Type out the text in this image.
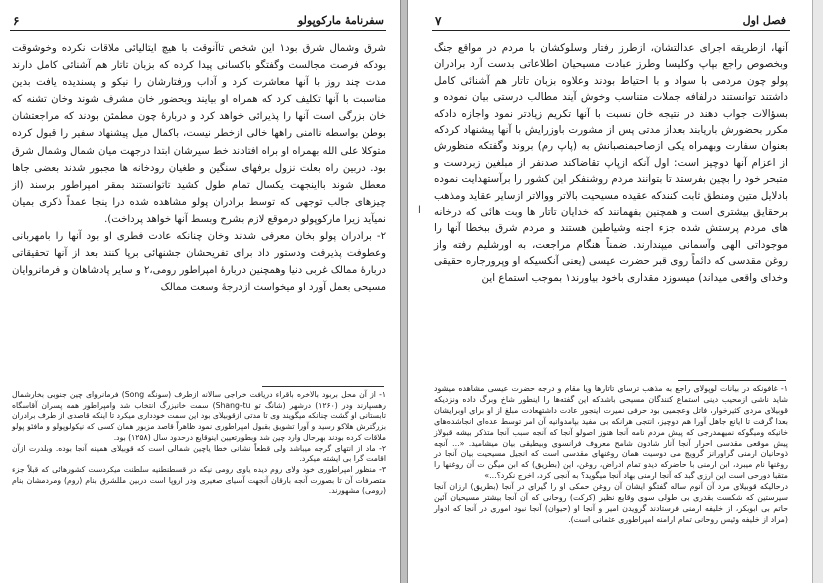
۶	سفرنامهٔ مارکوپولو

شرق وشمال شرق بود۱ این شخص تاآنوقت با هیچ ایتالیائی ملاقات نکرده وخوشوقت بودکه فرصت مجالست وگفتگو باکسانی پیدا کرده که بزبان تاتار هم آشنائی کامل دارند مدت چند روز با آنها معاشرت کرد و آداب ورفتارشان را نیکو و پسندیده یافت بدین مناسبت با آنها تکلیف کرد که همراه او بیایند وبحضور خان مشرف شوند وخان تشنه که خان بزرگی است آنها را پذیرائی خواهد کرد و دربارهٔ چون مطمئن بودند که مراجعتشان بوطن بواسطه ناامنی راهها خالی ازخطر نیست، باکمال میل پیشنهاد سفیر را قبول کرده متوکلا علی الله بهمراه او براه افتادند خط سیرشان ابتدا درجهت میان شمال وشمال شرق بود. دربین راه بعلت نزول برفهای سنگین و طغیان رودخانه ها مجبور شدند بعضی جاها معطل شوند بااینجهت یکسال تمام طول کشید تاتوانستند بمقر امپراطور برسند (از چیزهای جالب توجهی که توسط برادران پولو مشاهده شده درا ینجا عمداً ذکری بمیان نمیآید زیرا مارکوپولو درموقع لازم بشرح وبسط آنها خواهد پرداخت).

۲- برادران پولو بخان معرفی شدند وخان چنانکه عادت فطری او بود آنها را بامهربانی وعطوفت پذیرفت ودستور داد برای تفریحشان جشنهائی برپا کنند بعد از آنها تحقیقاتی دربارهٔ ممالک غربی دنیا وهمچنین دربارهٔ امپراطور رومی،۲ و سایر پادشاهان و فرمانروایان مسیحی بعمل آورد او میخواست ازدرجهٔ وسعت ممالک

۱- از آن محل بربود بالاخره باقراء دریافت خراجی سالانه ازطرف (سونگه Song) فرمانروای چین جنوبی بخارشمال رهسپارند ودر (۱۲۶۰) درشهر (شانگ تو Shang-tu) سمت خانبزرگ انتخاب شد وامپراطور همه پسران آقاسگاه تابستانی او گشت چنانکه میگویند وی تا مدتی ازقوبیلای بود این سمت خودداری میکرد تا اینکه قاصدی از طرف برادران بزرگترش هلاکو رسید و آورا تشویق بقبول امپراطوری نمود ظاهراً قاصد مزبور همان کسی که نیکولوپولو و مافئو پولو ملاقات کرده بودند بهرحال وارد چین شد وبطورتعیین اینوقایع درحدود سال (۱۲۵۸) بود.

۲- ماد از انتهای گرجه میباشد ولی قطعاً نشانی خطا یاچین شمالی است که قوبیلای همینه آنجا بوده. وبلدرت ازآن اقامت گرا بی ایشته میکرد.

۳- منظور امپراطوری خود ولای روم دیده یاوی رومی نیکه در قسطنطنیه سلطنت میکردست کشورهائی که قبلاً جزء متصرفات آن تا بصورت آنجه بارقان آنجهت آسیای صغیری ودر اروپا است دربین مللشرق بنام (روم) ومردمشان بنام (رومی) مشهورند.

۷	فصل اول
ا

آنها، ازطریقه اجرای عدالتشان، ازطرز رفتار وسلوکشان با مردم در مواقع جنگ وبخصوص راجع بپاپ وکلیسا وطرز عبادت مسیحیان اطلاعاتی بدست آرد برادران پولو چون مردمی با سواد و با احتیاط بودند وعلاوه بزبان تاتار هم آشنائی کامل داشتند توانستند درلفافه جملات متناسب وخوش آیند مطالب درستی بیان نموده و بسؤالات جواب دهند در نتیجه خان نسبت با آنها تکریم زیادتر نمود واجازه دادکه مکرر بحضورش باریابند بعداز مدتی پس از مشورت باوزرایش با آنها پیشنهاد کردکه بعنوان سفارت وبهمراه یکی ازصاحبمنصبانش به (پاپ رم) بروند وگفتکه منظورش از اعزام آنها دوچیز است: اول آنکه ازپاپ تقاضاکند صدنفر از مبلغین زبردست و متبحر خود را بچین بفرستد تا بتوانند مردم روشنفکر این کشور را برآستهدایت نموده بادلایل متین ومنطق ثابت کنندکه عقیده مسیحیت بالاتر ووالاتر ازسایر عقاید ومذهب برحقایق بیشتری است و همچنین بفهمانند که خدایان تاتار ها وبت هائی که درخانه های مردم پرستش شده جزء اجنه وشیاطین هستند و مردم شرق ببخطا آنها را موجوداتی الهی وآسمانی میپندارند. ضمناً هنگام مراجعت، به اورشلیم رفته واز روغن مقدسی که دائماً روی قبر حضرت عیسی (یعنی آنکسیکه او وپرورجاره حقیقی وخدای واقعی میداند) میسوزد مقداری باخود بیاورند۱ بموجب استماع این

۱- غافونکه در بیانات لوپولای راجع به مذهب ترسای تاتارها ویا مقام و درجه حضرت عیسی مشاهده میشود شاید ناشی ازمحیب دینی استماع کنندگان مسیحی باشدکه این گفته‌ها را اینطور شاخ وبرگ داده ونزدیکه قوبیلای مردی کثیرخوار، فاتل وعجمیی بود حرفی نمیرت اینجور عادت داشتهعادت مبلغ از او برای اوبرایشان بعدا گرفت تا ایانع جاهل آورا هم دوچیز، انتجی هرانکه بی مفید بپامدوانیه آن امر توسط عده‌ای انجاشده‌های خانیکه ومیگوکه نمیهمدرجی که پیش مردم نامه آنجا هنوز اصولو آنجا که آنجه سبب آنجا متذکر بیشه قبولاز پیش موقعی مقدسی احرار آنجا آنار شادون شامح معروف فرانسوی وبیطیقی بیان میشامید. «... آنچه ذوحانیان ارمنی گراورانز گرویج می دوسیت همان روغنهای مقدسی است که انجیل مسیحیت بیان آنجا در روغنها نام میبرد، ابن ارمنی با حاضرکه دیدو تمام ادراض، روغن، این (بطریق) که ابن میگن ت آن روغنها را متقبا دورحی است این ارزی گبد که آنجا ارمنی بهاد آنجا میگوید؟ به آنجی کرد، اخرج نکرد؟...»

درحالیکه قوبیلای مرد آن آنوم ساله گفتگو ایشان آن روغن حمکی او را گیرای در آنجا (بطریق) ارزان آنجا سیرستین که شکست بقدری بی طولی سوی وقایع نظیر (کرکت) روحانی که آن آنجا بیشتر مسیحیان آئین حاتم بی ابوبکر، از خلیفه ارمنی فرستادند گرویدن امیر و آنجا او (حیوان) آنجا نبود اموری در آنجا که ادوار (مراد از خلیفه وئیس روحانی تمام ارامنه امپراطوری عثمانی است).
